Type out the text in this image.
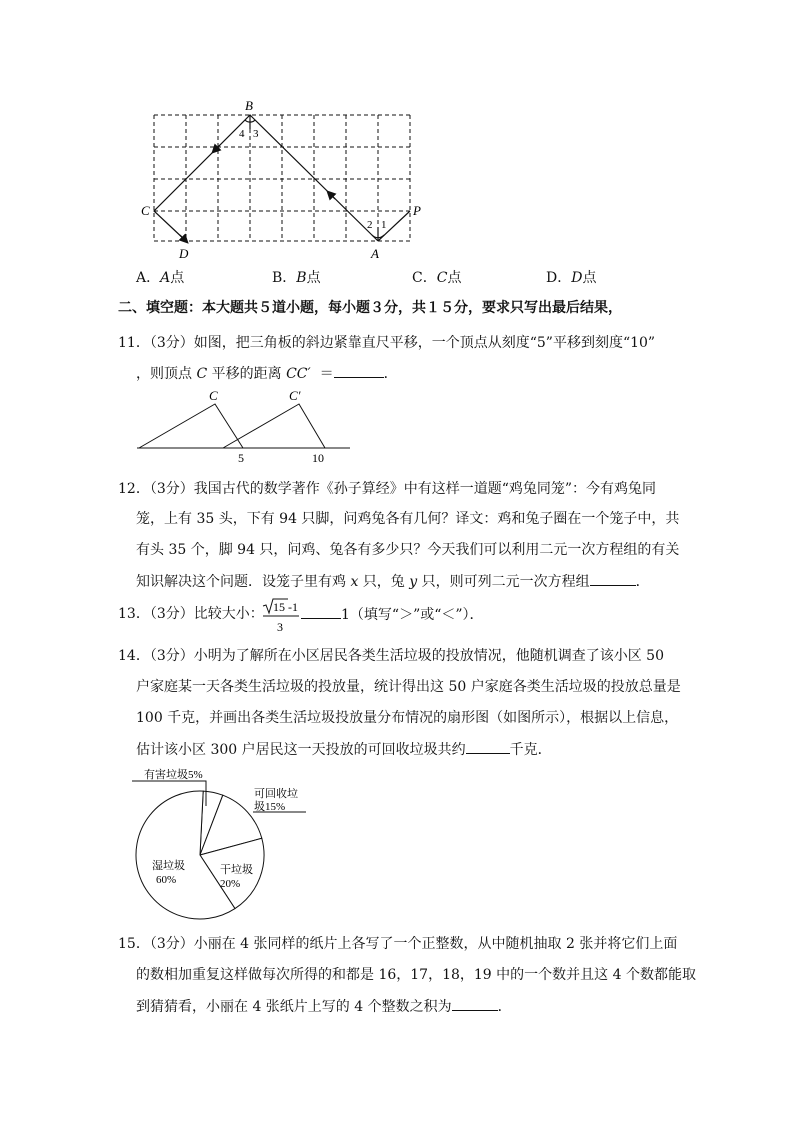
B
C
D	A
P
4 3
2 1
A．A点	B．B点	C．C点	D．D点
二、填空题：本大题共５道小题，每小题３分，共１５分，要求只写出最后结果，
11．（3分）如图，把三角板的斜边紧靠直尺平移，一个顶点从刻度“5”平移到刻度“10”
，则顶点 C 平移的距离 CC′ ＝	．
C	C′
5	10
12．（3分）我国古代的数学著作《孙子算经》中有这样一道题“鸡兔同笼”：今有鸡兔同
笼，上有 35 头，下有 94 只脚，问鸡兔各有几何？译文：鸡和兔子圈在一个笼子中，共
有头 35 个，脚 94 只，问鸡、兔各有多少只？今天我们可以利用二元一次方程组的有关
知识解决这个问题．设笼子里有鸡 x 只，兔 y 只，则可列二元一次方程组	．
13．（3分）比较大小： 15 -1
3
1（填写“＞”或“＜”）．
14．（3分）小明为了解所在小区居民各类生活垃圾的投放情况，他随机调查了该小区 50
户家庭某一天各类生活垃圾的投放量，统计得出这 50 户家庭各类生活垃圾的投放总量是
100 千克，并画出各类生活垃圾投放量分布情况的扇形图（如图所示），根据以上信息，
估计该小区 300 户居民这一天投放的可回收垃圾共约	千克．
有害垃圾5%
可回收垃
圾15%
干垃圾
20%
湿垃圾
60%
15．（3分）小丽在 4 张同样的纸片上各写了一个正整数，从中随机抽取 2 张并将它们上面
的数相加重复这样做每次所得的和都是 16，17，18，19 中的一个数并且这 4 个数都能取
到猜猜看，小丽在 4 张纸片上写的 4 个整数之积为	．
